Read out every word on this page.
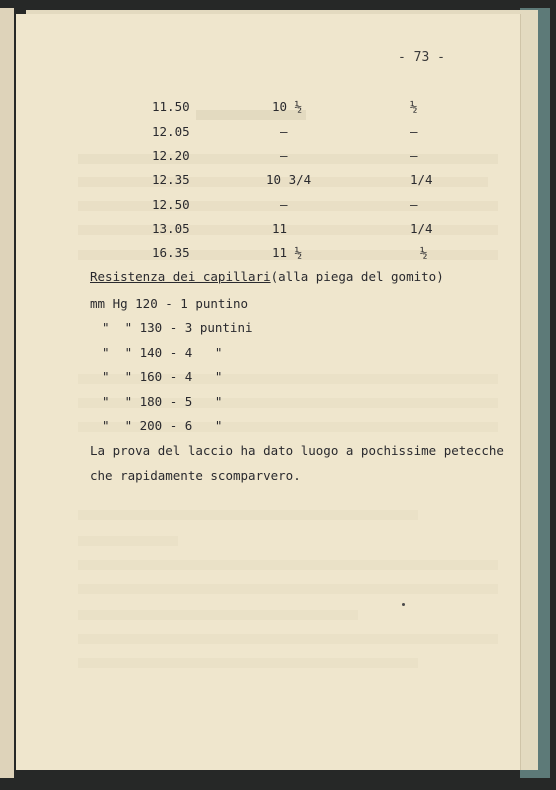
- 73 -
11.50	10 ½	½
12.05	–	–
12.20	–	–
12.35	10 3/4	1/4
12.50	–	–
13.05	11	1/4
16.35	11 ½	½
Resistenza dei capillari(alla piega del gomito)
mm Hg 120 - 1 puntino
"  " 130 - 3 puntini
"  " 140 - 4   "
"  " 160 - 4   "
"  " 180 - 5   "
"  " 200 - 6   "
La prova del laccio ha dato luogo a pochissime petecche
che rapidamente scomparvero.
